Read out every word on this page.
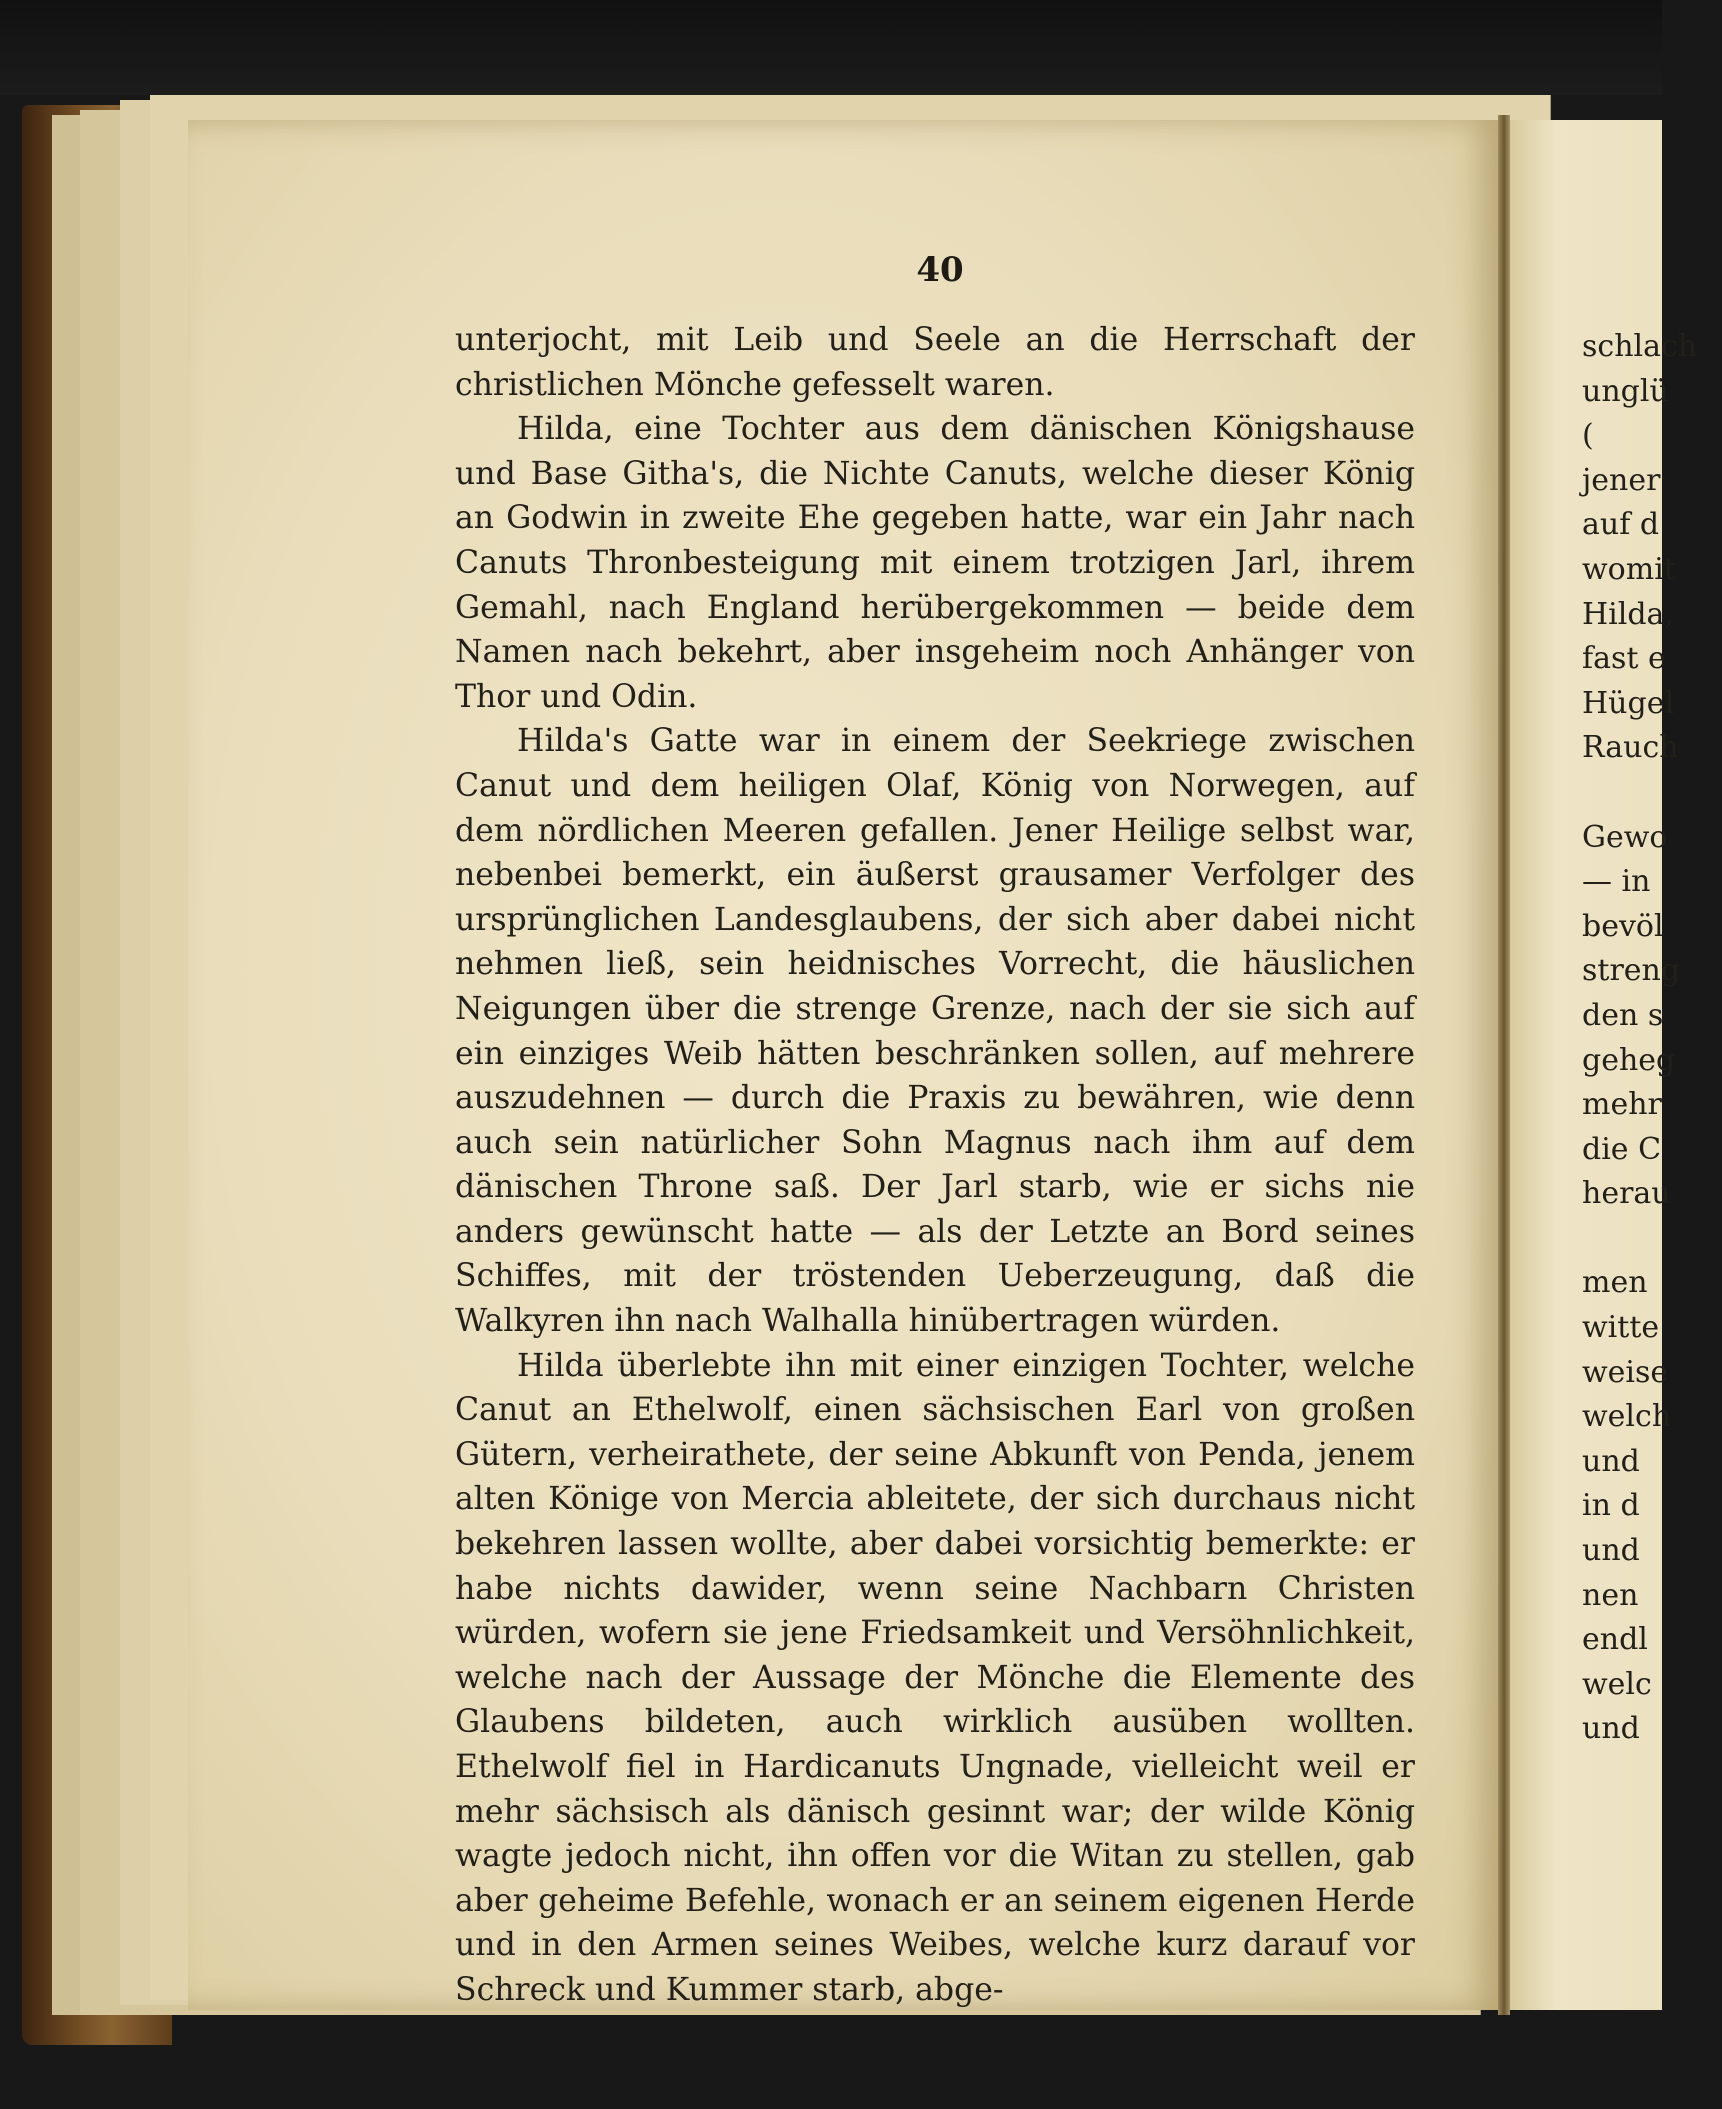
40

unterjocht, mit Leib und Seele an die Herrschaft der christlichen Mönche gefesselt waren.

Hilda, eine Tochter aus dem dänischen Königshause und Base Githa's, die Nichte Canuts, welche dieser König an Godwin in zweite Ehe gegeben hatte, war ein Jahr nach Canuts Thronbesteigung mit einem trotzigen Jarl, ihrem Gemahl, nach England herübergekommen — beide dem Namen nach bekehrt, aber insgeheim noch Anhänger von Thor und Odin.

Hilda's Gatte war in einem der Seekriege zwischen Canut und dem heiligen Olaf, König von Norwegen, auf dem nördlichen Meeren gefallen. Jener Heilige selbst war, nebenbei bemerkt, ein äußerst grausamer Verfolger des ursprünglichen Landesglaubens, der sich aber dabei nicht nehmen ließ, sein heidnisches Vorrecht, die häuslichen Neigungen über die strenge Grenze, nach der sie sich auf ein einziges Weib hätten beschränken sollen, auf mehrere auszudehnen — durch die Praxis zu bewähren, wie denn auch sein natürlicher Sohn Magnus nach ihm auf dem dänischen Throne saß. Der Jarl starb, wie er sichs nie anders gewünscht hatte — als der Letzte an Bord seines Schiffes, mit der tröstenden Ueberzeugung, daß die Walkyren ihn nach Walhalla hinübertragen würden.

Hilda überlebte ihn mit einer einzigen Tochter, welche Canut an Ethelwolf, einen sächsischen Earl von großen Gütern, verheirathete, der seine Abkunft von Penda, jenem alten Könige von Mercia ableitete, der sich durchaus nicht bekehren lassen wollte, aber dabei vorsichtig bemerkte: er habe nichts dawider, wenn seine Nachbarn Christen würden, wofern sie jene Friedsamkeit und Versöhnlichkeit, welche nach der Aussage der Mönche die Elemente des Glaubens bildeten, auch wirklich ausüben wollten. Ethelwolf fiel in Hardicanuts Ungnade, vielleicht weil er mehr sächsisch als dänisch gesinnt war; der wilde König wagte jedoch nicht, ihn offen vor die Witan zu stellen, gab aber geheime Befehle, wonach er an seinem eigenen Herde und in den Armen seines Weibes, welche kurz darauf vor Schreck und Kummer starb, abge-

schlach
unglü
(
jener
auf d
womit
Hilda,
fast e
Hügel
Rauch
Gewo
— in
bevöl
streng
den s
geheg
mehr
die C
herau
men
witte
weise
welch
und
in d
und
nen
endl
welc
und
